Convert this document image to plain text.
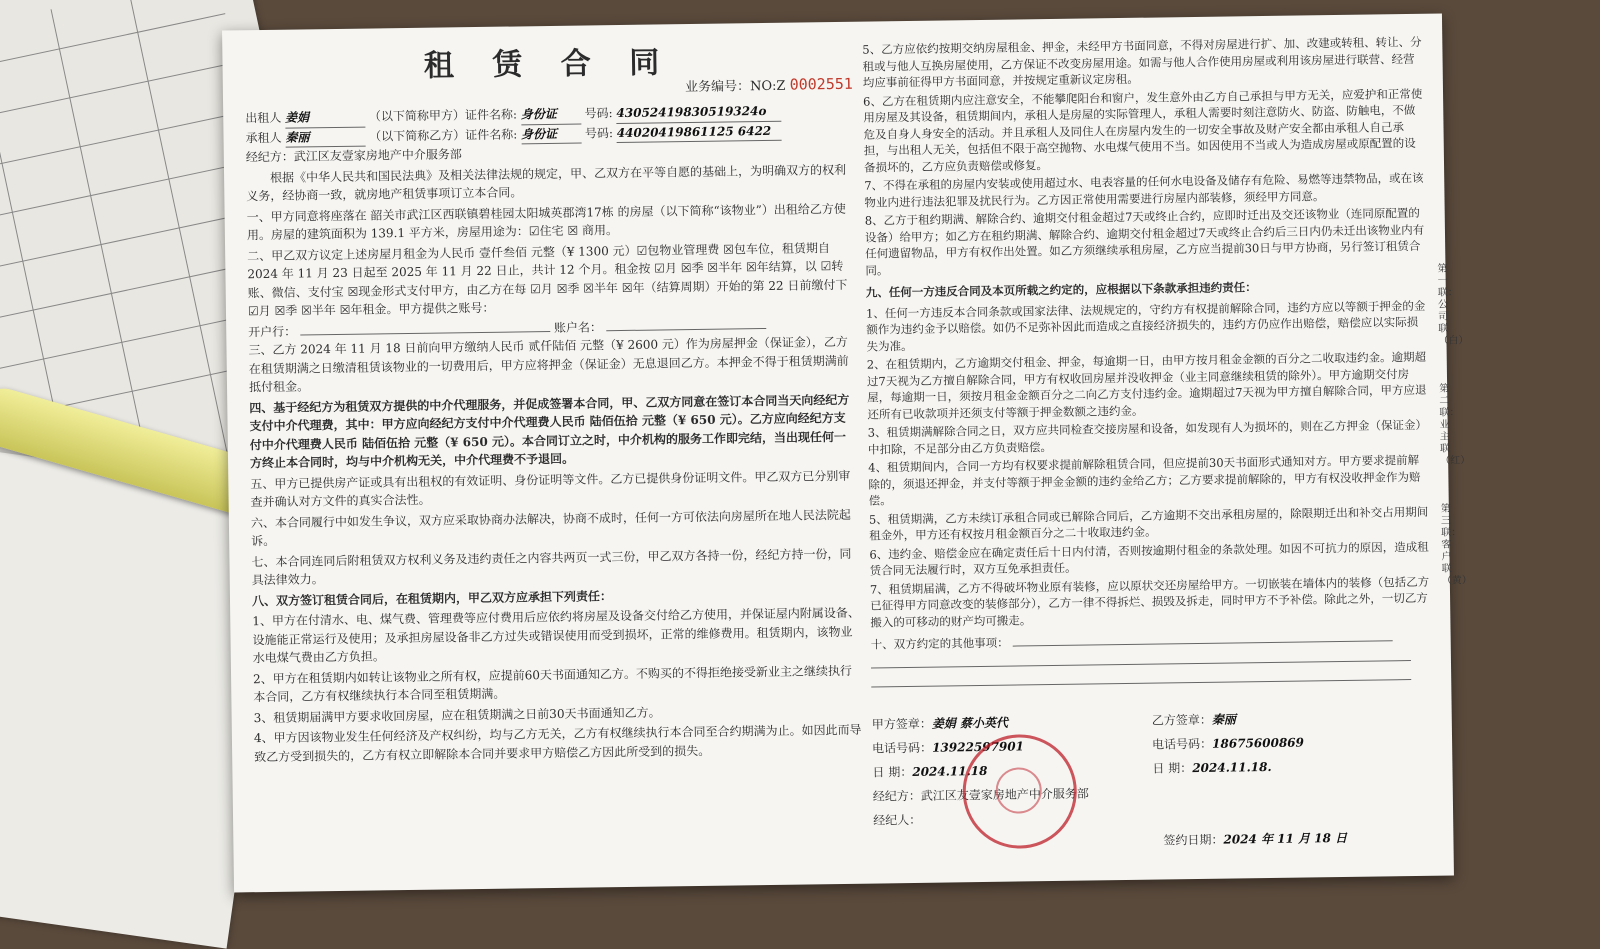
租 赁 合 同
业务编号：NO:Z 0002551
出租人 姜娟	（以下简称甲方）证件名称: 身份证 号码: 43052419830519324o
承租人 秦丽	（以下简称乙方）证件名称: 身份证 号码: 44020419861125 6422
经纪方：武江区友壹家房地产中介服务部
根据《中华人民共和国民法典》及相关法律法规的规定，甲、乙双方在平等自愿的基础上，为明确双方的权利义务，经协商一致，就房地产租赁事项订立本合同。
一、甲方同意将座落在 韶关市武江区西联镇碧桂园太阳城英郡湾17栋 的房屋（以下简称“该物业”）出租给乙方使用。房屋的建筑面积为 139.1 平方米，房屋用途为：☑住宅 ☒ 商用。
二、甲乙双方议定上述房屋月租金为人民币 壹仟叁佰 元整（¥ 1300 元）☑包物业管理费 ☒包车位，租赁期自 2024 年 11 月 23 日起至 2025 年 11 月 22 日止，共计 12 个月。租金按 ☑月 ☒季 ☒半年 ☒年结算，以 ☑转账、微信、支付宝 ☒现金形式支付甲方，由乙方在每 ☑月 ☒季 ☒半年 ☒年（结算周期）开始的第 22 日前缴付下 ☑月 ☒季 ☒半年 ☒年租金。甲方提供之账号：
开户行：	账户名：
三、乙方 2024 年 11 月 18 日前向甲方缴纳人民币 贰仟陆佰 元整（¥ 2600 元）作为房屋押金（保证金），乙方在租赁期满之日缴清租赁该物业的一切费用后，甲方应将押金（保证金）无息退回乙方。本押金不得于租赁期满前抵付租金。
四、基于经纪方为租赁双方提供的中介代理服务，并促成签署本合同，甲、乙双方同意在签订本合同当天向经纪方支付中介代理费，其中：甲方应向经纪方支付中介代理费人民币 陆佰伍拾 元整（¥ 650 元）。乙方应向经纪方支付中介代理费人民币 陆佰伍拾 元整（¥ 650 元）。本合同订立之时，中介机构的服务工作即完结，当出现任何一方终止本合同时，均与中介机构无关，中介代理费不予退回。
五、甲方已提供房产证或具有出租权的有效证明、身份证明等文件。乙方已提供身份证明文件。甲乙双方已分别审查并确认对方文件的真实合法性。
六、本合同履行中如发生争议，双方应采取协商办法解决，协商不成时，任何一方可依法向房屋所在地人民法院起诉。
七、本合同连同后附租赁双方权利义务及违约责任之内容共两页一式三份，甲乙双方各持一份，经纪方持一份，同具法律效力。
八、双方签订租赁合同后，在租赁期内，甲乙双方应承担下列责任：
1、甲方在付清水、电、煤气费、管理费等应付费用后应依约将房屋及设备交付给乙方使用，并保证屋内附属设备、设施能正常运行及使用；及承担房屋设备非乙方过失或错误使用而受到损坏，正常的维修费用。租赁期内，该物业水电煤气费由乙方负担。
2、甲方在租赁期内如转让该物业之所有权，应提前60天书面通知乙方。不购买的不得拒绝接受新业主之继续执行本合同，乙方有权继续执行本合同至租赁期满。
3、租赁期届满甲方要求收回房屋，应在租赁期满之日前30天书面通知乙方。
4、甲方因该物业发生任何经济及产权纠纷，均与乙方无关，乙方有权继续执行本合同至合约期满为止。如因此而导致乙方受到损失的，乙方有权立即解除本合同并要求甲方赔偿乙方因此所受到的损失。
5、乙方应依约按期交纳房屋租金、押金，未经甲方书面同意，不得对房屋进行扩、加、改建或转租、转让、分租或与他人互换房屋使用，乙方保证不改变房屋用途。如需与他人合作使用房屋或利用该房屋进行联营、经营均应事前征得甲方书面同意，并按规定重新议定房租。
6、乙方在租赁期内应注意安全，不能攀爬阳台和窗户，发生意外由乙方自己承担与甲方无关，应爱护和正常使用房屋及其设备，租赁期间内，承租人是房屋的实际管理人，承租人需要时刻注意防火、防盗、防触电，不做危及自身人身安全的活动。并且承租人及同住人在房屋内发生的一切安全事故及财产安全都由承租人自己承担，与出租人无关，包括但不限于高空抛物、水电煤气使用不当。如因使用不当或人为造成房屋或原配置的设备损坏的，乙方应负责赔偿或修复。
7、不得在承租的房屋内安装或使用超过水、电表容量的任何水电设备及储存有危险、易燃等违禁物品，或在该物业内进行违法犯罪及扰民行为。乙方因正常使用需要进行房屋内部装修，须经甲方同意。
8、乙方于租约期满、解除合约、逾期交付租金超过7天或终止合约，应即时迁出及交还该物业（连同原配置的设备）给甲方；如乙方在租约期满、解除合约、逾期交付租金超过7天或终止合约后三日内仍未迁出该物业内有任何遗留物品，甲方有权作出处置。如乙方须继续承租房屋，乙方应当提前30日与甲方协商，另行签订租赁合同。
九、任何一方违反合同及本页所载之约定的，应根据以下条款承担违约责任：
1、任何一方违反本合同条款或国家法律、法规规定的，守约方有权提前解除合同，违约方应以等额于押金的金额作为违约金予以赔偿。如仍不足弥补因此而造成之直接经济损失的，违约方仍应作出赔偿，赔偿应以实际损失为准。
2、在租赁期内，乙方逾期交付租金、押金，每逾期一日，由甲方按月租金金额的百分之二收取违约金。逾期超过7天视为乙方擅自解除合同，甲方有权收回房屋并没收押金（业主同意继续租赁的除外）。甲方逾期交付房屋，每逾期一日，须按月租金金额百分之二向乙方支付违约金。逾期超过7天视为甲方擅自解除合同，甲方应退还所有已收款项并还须支付等额于押金数额之违约金。
3、租赁期满解除合同之日，双方应共同检查交接房屋和设备，如发现有人为损坏的，则在乙方押金（保证金）中扣除，不足部分由乙方负责赔偿。
4、租赁期间内，合同一方均有权要求提前解除租赁合同，但应提前30天书面形式通知对方。甲方要求提前解除的，须退还押金，并支付等额于押金金额的违约金给乙方；乙方要求提前解除的，甲方有权没收押金作为赔偿。
5、租赁期满，乙方未续订承租合同或已解除合同后，乙方逾期不交出承租房屋的，除限期迁出和补交占用期间租金外，甲方还有权按月租金额百分之二十收取违约金。
6、违约金、赔偿金应在确定责任后十日内付清，否则按逾期付租金的条款处理。如因不可抗力的原因，造成租赁合同无法履行时，双方互免承担责任。
7、租赁期届满，乙方不得破坏物业原有装修，应以原状交还房屋给甲方。一切嵌装在墙体内的装修（包括乙方已征得甲方同意改变的装修部分），乙方一律不得拆烂、损毁及拆走，同时甲方不予补偿。除此之外，一切乙方搬入的可移动的财产均可搬走。
十、双方约定的其他事项：

甲方签章：姜娟 蔡小英代
电话号码：13922597901
日 期：2024.11.18
乙方签章：秦丽
电话号码：18675600869
日 期：2024.11.18.
经纪方：武江区友壹家房地产中介服务部
经纪人：
签约日期：2024 年 11 月 18 日
第一联：公司联（白）
第二联：业主联（红）
第三联：客户联（黄）
